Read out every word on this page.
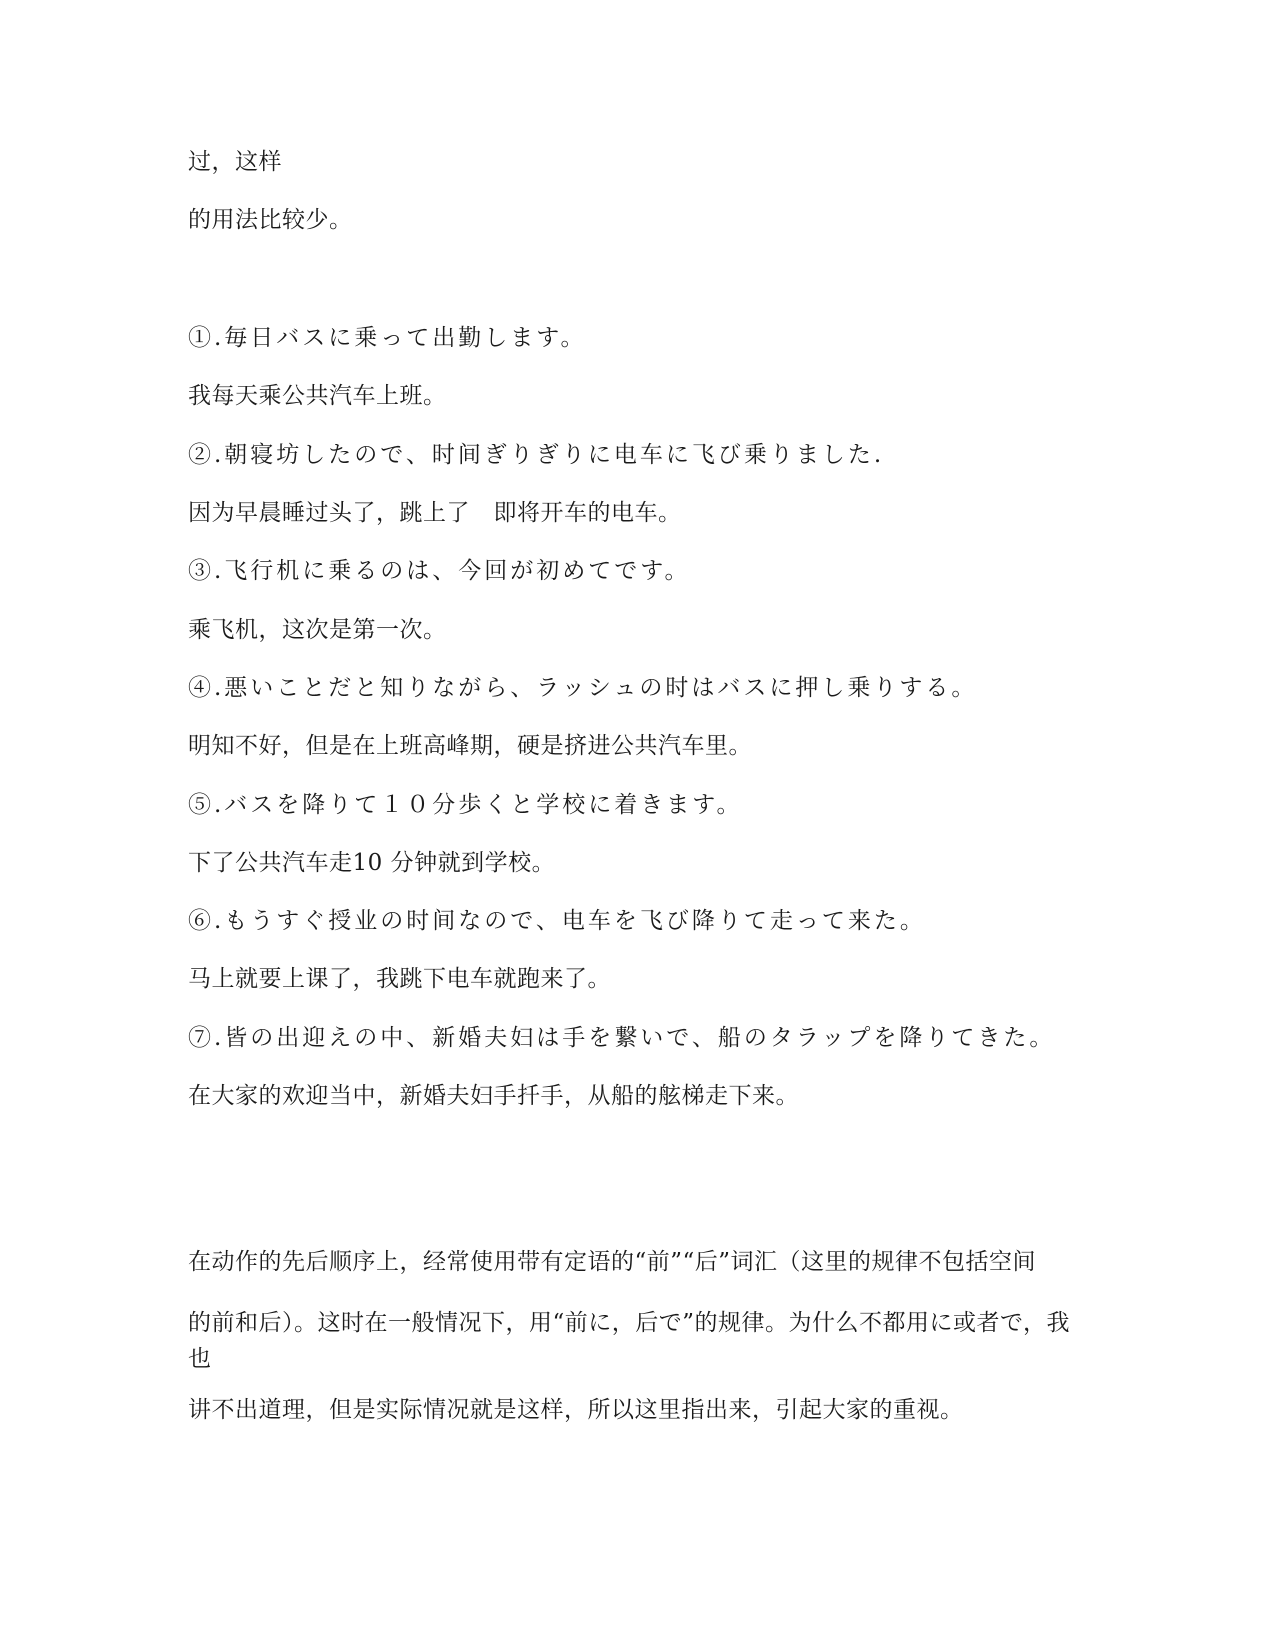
过，这样
的用法比较少。
①.毎日バスに乗って出勤します。
我每天乘公共汽车上班。
②.朝寝坊したので、时间ぎりぎりに电车に飞び乗りました.
因为早晨睡过头了，跳上了　即将开车的电车。
③.飞行机に乗るのは、今回が初めてです。
乘飞机，这次是第一次。
④.悪いことだと知りながら、ラッシュの时はバスに押し乗りする。
明知不好，但是在上班高峰期，硬是挤进公共汽车里。
⑤.バスを降りて１０分歩くと学校に着きます。
下了公共汽车走10 分钟就到学校。
⑥.もうすぐ授业の时间なので、电车を飞び降りて走って来た。
马上就要上课了，我跳下电车就跑来了。
⑦.皆の出迎えの中、新婚夫妇は手を繋いで、船のタラップを降りてきた。
在大家的欢迎当中，新婚夫妇手扦手，从船的舷梯走下来。
在动作的先后顺序上，经常使用带有定语的“前”“后”词汇（这里的规律不包括空间
的前和后）。这时在一般情况下，用“前に，后で”的规律。为什么不都用に或者で，我也
讲不出道理，但是实际情况就是这样，所以这里指出来，引起大家的重视。
